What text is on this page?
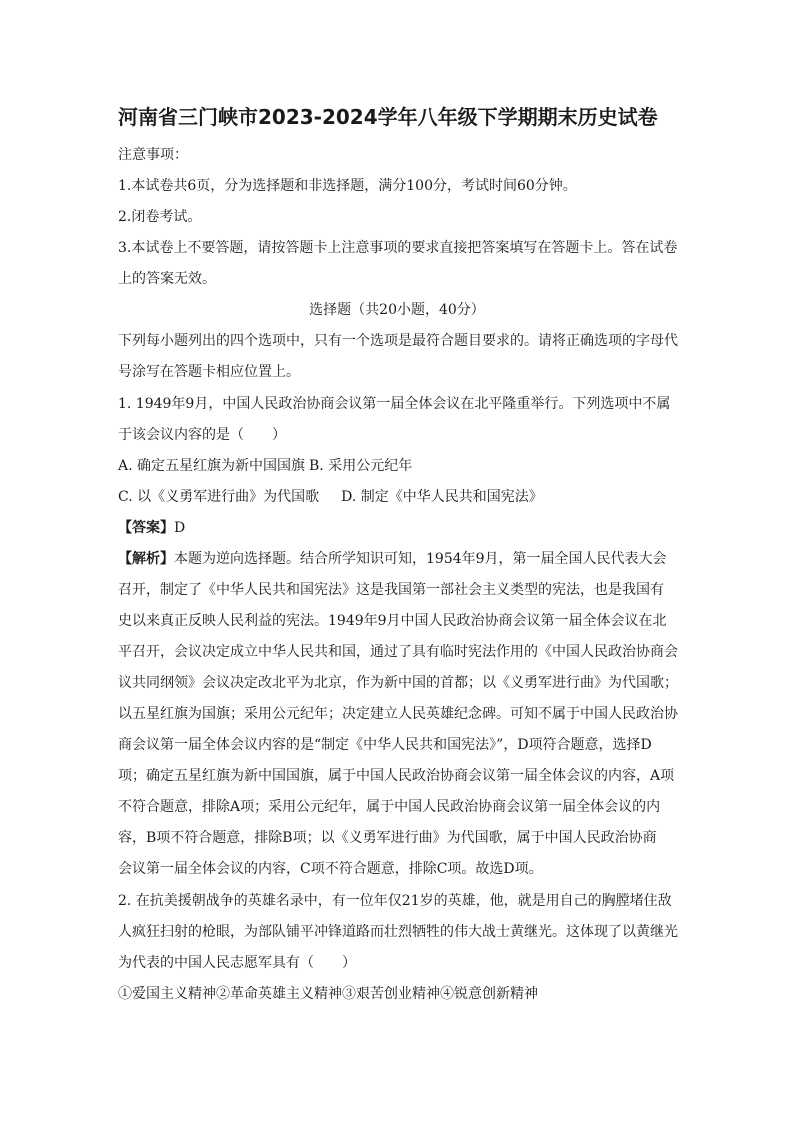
河南省三门峡市2023-2024学年八年级下学期期末历史试卷
注意事项：
1.本试卷共6页，分为选择题和非选择题，满分100分，考试时间60分钟。
2.闭卷考试。
3.本试卷上不要答题，请按答题卡上注意事项的要求直接把答案填写在答题卡上。答在试卷
上的答案无效。
选择题（共20小题，40分）
下列每小题列出的四个选项中，只有一个选项是最符合题目要求的。请将正确选项的字母代
号涂写在答题卡相应位置上。
1. 1949年9月，中国人民政治协商会议第一届全体会议在北平隆重举行。下列选项中不属
于该会议内容的是（　　）
A. 确定五星红旗为新中国国旗 B. 采用公元纪年
C. 以《义勇军进行曲》为代国歌 D. 制定《中华人民共和国宪法》
【答案】D
【解析】本题为逆向选择题。结合所学知识可知，1954年9月，第一届全国人民代表大会
召开，制定了《中华人民共和国宪法》这是我国第一部社会主义类型的宪法，也是我国有
史以来真正反映人民利益的宪法。1949年9月中国人民政治协商会议第一届全体会议在北
平召开，会议决定成立中华人民共和国，通过了具有临时宪法作用的《中国人民政治协商会
议共同纲领》会议决定改北平为北京，作为新中国的首都；以《义勇军进行曲》为代国歌；
以五星红旗为国旗；采用公元纪年；决定建立人民英雄纪念碑。可知不属于中国人民政治协
商会议第一届全体会议内容的是“制定《中华人民共和国宪法》”，D项符合题意，选择D
项；确定五星红旗为新中国国旗，属于中国人民政治协商会议第一届全体会议的内容，A项
不符合题意，排除A项；采用公元纪年，属于中国人民政治协商会议第一届全体会议的内
容，B项不符合题意，排除B项；以《义勇军进行曲》为代国歌，属于中国人民政治协商
会议第一届全体会议的内容，C项不符合题意，排除C项。故选D项。
2. 在抗美援朝战争的英雄名录中，有一位年仅21岁的英雄，他，就是用自己的胸膛堵住敌
人疯狂扫射的枪眼，为部队铺平冲锋道路而壮烈牺牲的伟大战士黄继光。这体现了以黄继光
为代表的中国人民志愿军具有（　　）
①爱国主义精神②革命英雄主义精神③艰苦创业精神④锐意创新精神
